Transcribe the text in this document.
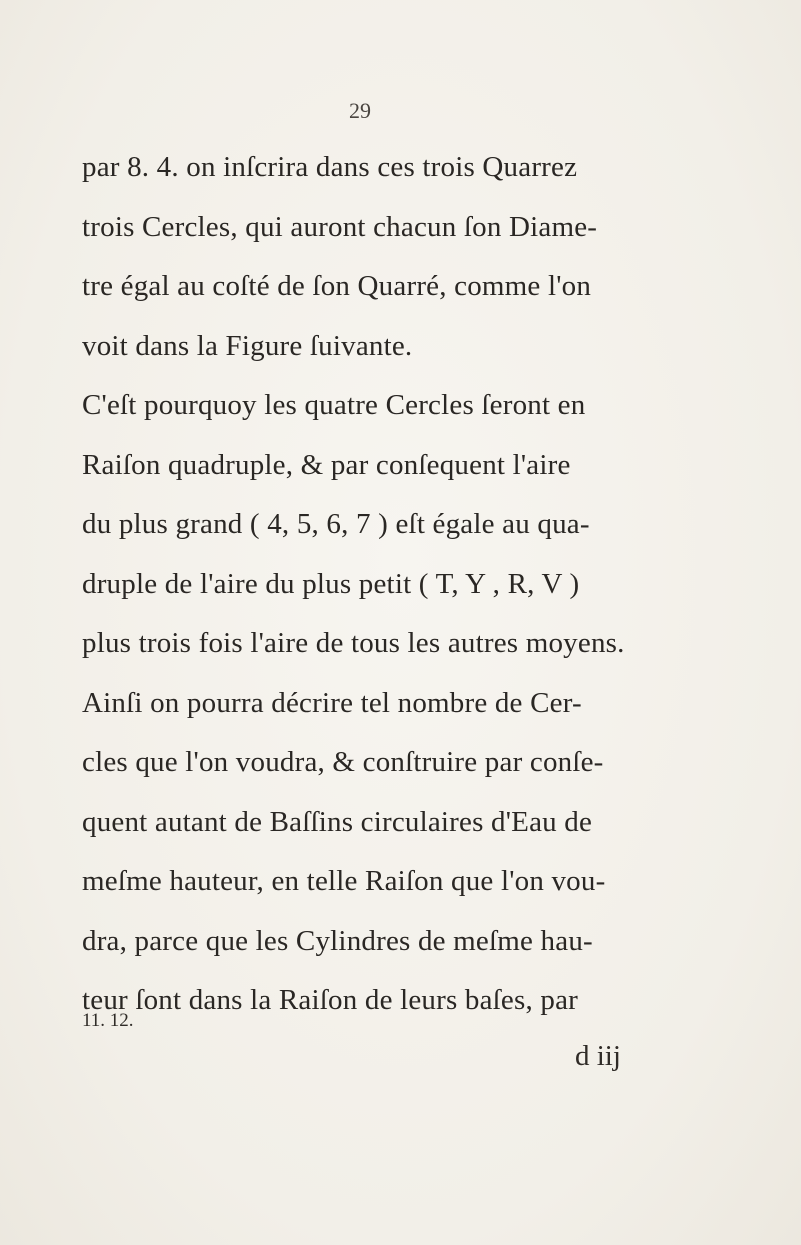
29
par 8. 4. on inſcrira dans ces trois Quarrez
trois Cercles, qui auront chacun ſon Diame-
tre égal au coſté de ſon Quarré, comme l'on
voit dans la Figure ſuivante.
C'eſt pourquoy les quatre Cercles ſeront en
Raiſon quadruple, & par conſequent l'aire
du plus grand ( 4, 5, 6, 7 ) eſt égale au qua-
druple de l'aire du plus petit ( T, Y , R, V )
plus trois fois l'aire de tous les autres moyens.
Ainſi on pourra décrire tel nombre de Cer-
cles que l'on voudra, & conſtruire par conſe-
quent autant de Baſſins circulaires d'Eau de
meſme hauteur, en telle Raiſon que l'on vou-
dra, parce que les Cylindres de meſme hau-
teur ſont dans la Raiſon de leurs baſes, par
11. 12.
d iij
